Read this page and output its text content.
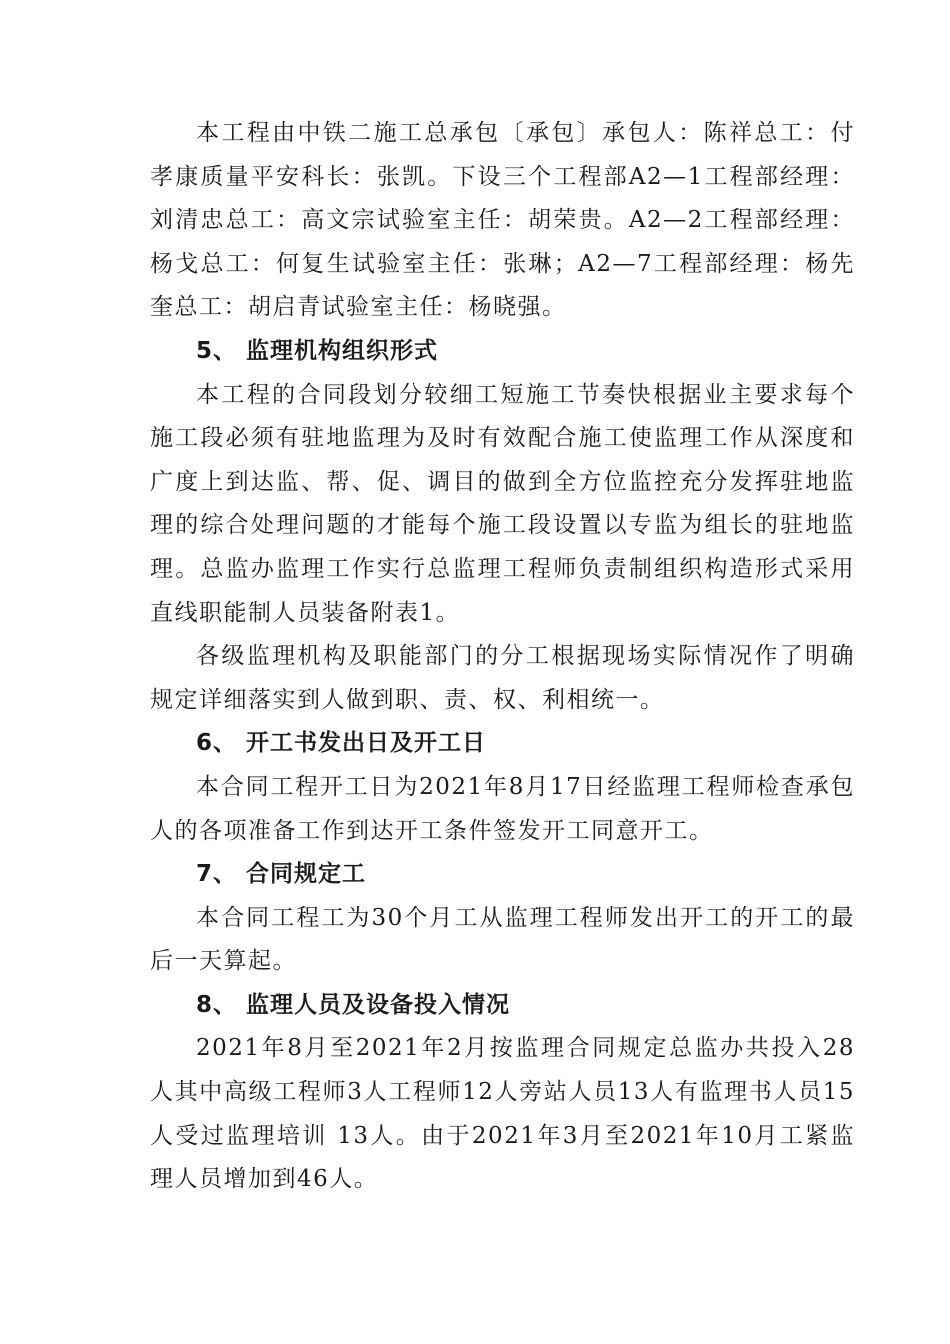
本工程由中铁二施工总承包〔承包〕承包人：陈祥总工：付孝康质量平安科长：张凯。下设三个工程部A2—1工程部经理：刘清忠总工：高文宗试验室主任：胡荣贵。A2—2工程部经理：杨戈总工：何复生试验室主任：张琳；A2—7工程部经理：杨先奎总工：胡启青试验室主任：杨晓强。

5、 监理机构组织形式

本工程的合同段划分较细工短施工节奏快根据业主要求每个施工段必须有驻地监理为及时有效配合施工使监理工作从深度和广度上到达监、帮、促、调目的做到全方位监控充分发挥驻地监理的综合处理问题的才能每个施工段设置以专监为组长的驻地监理。总监办监理工作实行总监理工程师负责制组织构造形式采用直线职能制人员装备附表1。

各级监理机构及职能部门的分工根据现场实际情况作了明确规定详细落实到人做到职、责、权、利相统一。

6、 开工书发出日及开工日

本合同工程开工日为2021年8月17日经监理工程师检查承包人的各项准备工作到达开工条件签发开工同意开工。

7、 合同规定工

本合同工程工为30个月工从监理工程师发出开工的开工的最后一天算起。

8、 监理人员及设备投入情况

2021年8月至2021年2月按监理合同规定总监办共投入28人其中高级工程师3人工程师12人旁站人员13人有监理书人员15人受过监理培训 13人。由于2021年3月至2021年10月工紧监理人员增加到46人。
